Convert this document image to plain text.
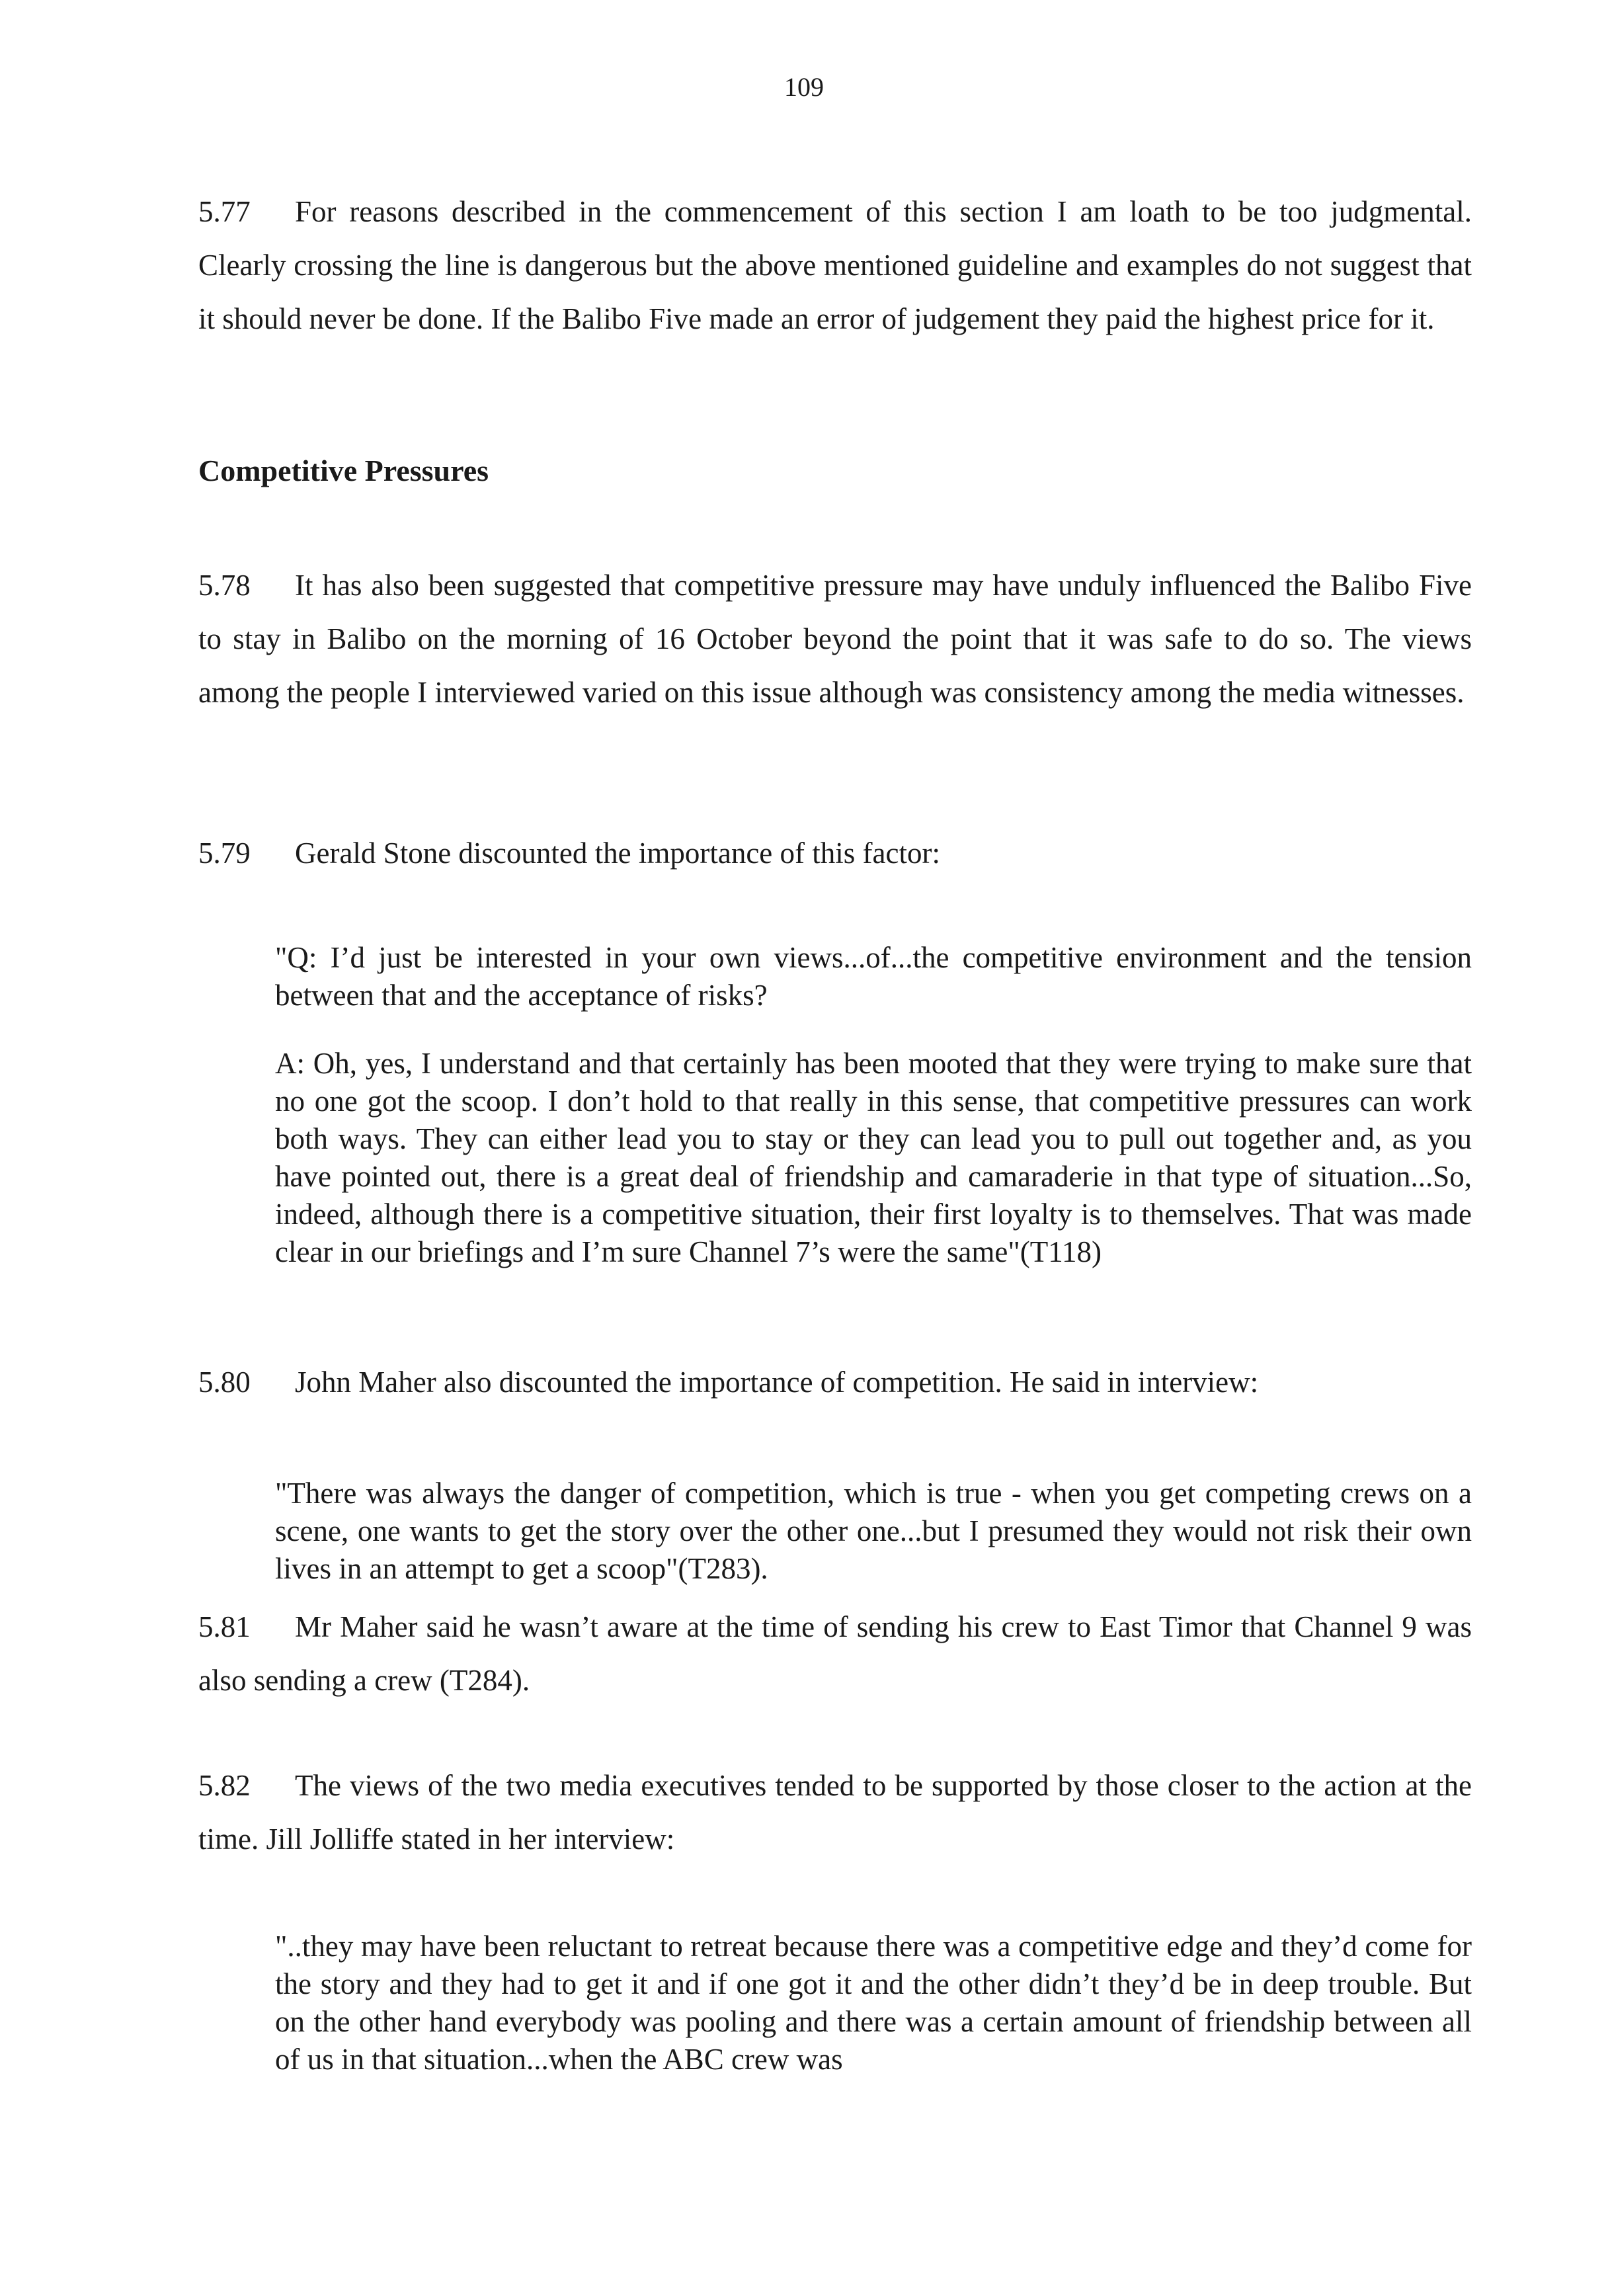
109
5.77 For reasons described in the commencement of this section I am loath to be too judgmental. Clearly crossing the line is dangerous but the above mentioned guideline and examples do not suggest that it should never be done. If the Balibo Five made an error of judgement they paid the highest price for it.
Competitive Pressures
5.78 It has also been suggested that competitive pressure may have unduly influenced the Balibo Five to stay in Balibo on the morning of 16 October beyond the point that it was safe to do so. The views among the people I interviewed varied on this issue although was consistency among the media witnesses.
5.79 Gerald Stone discounted the importance of this factor:
"Q: I’d just be interested in your own views...of...the competitive environment and the tension between that and the acceptance of risks?
A: Oh, yes, I understand and that certainly has been mooted that they were trying to make sure that no one got the scoop. I don’t hold to that really in this sense, that competitive pressures can work both ways. They can either lead you to stay or they can lead you to pull out together and, as you have pointed out, there is a great deal of friendship and camaraderie in that type of situation...So, indeed, although there is a competitive situation, their first loyalty is to themselves. That was made clear in our briefings and I’m sure Channel 7’s were the same"(T118)
5.80 John Maher also discounted the importance of competition. He said in interview:
"There was always the danger of competition, which is true - when you get competing crews on a scene, one wants to get the story over the other one...but I presumed they would not risk their own lives in an attempt to get a scoop"(T283).
5.81 Mr Maher said he wasn’t aware at the time of sending his crew to East Timor that Channel 9 was also sending a crew (T284).
5.82 The views of the two media executives tended to be supported by those closer to the action at the time. Jill Jolliffe stated in her interview:
"..they may have been reluctant to retreat because there was a competitive edge and they’d come for the story and they had to get it and if one got it and the other didn’t they’d be in deep trouble. But on the other hand everybody was pooling and there was a certain amount of friendship between all of us in that situation...when the ABC crew was
